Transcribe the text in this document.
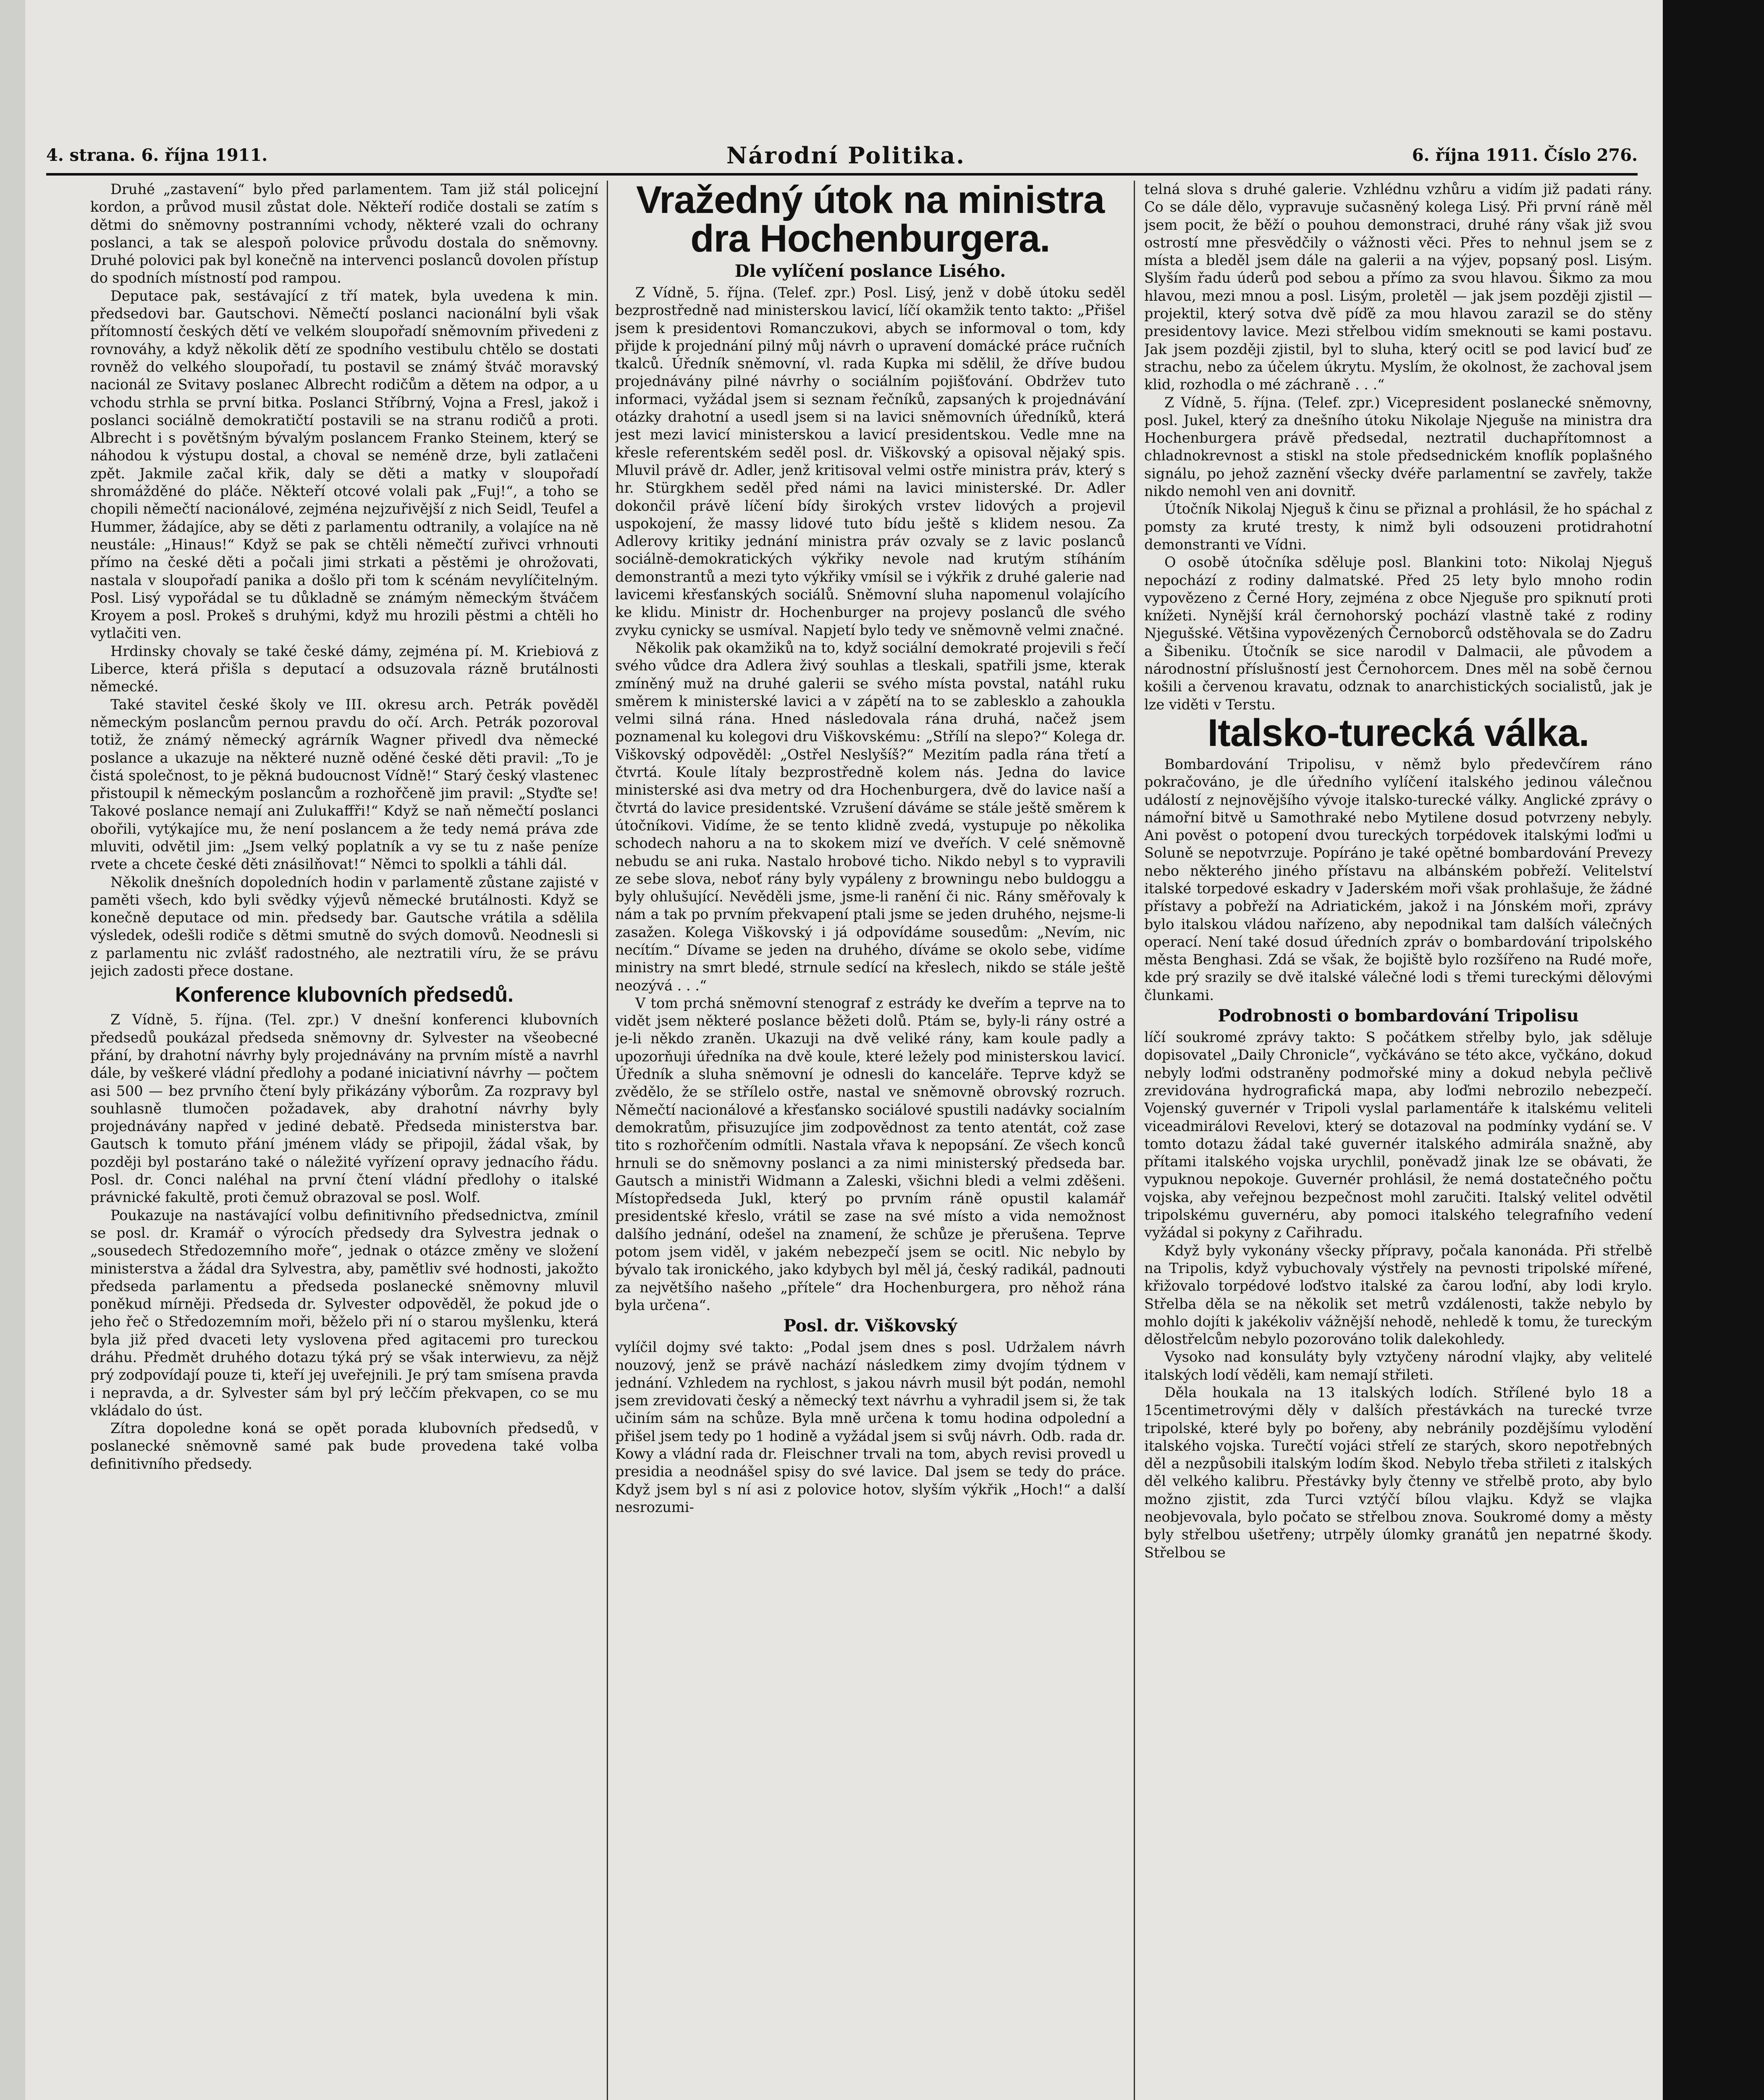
4. strana. 6. října 1911.	Národní Politika.	6. října 1911. Číslo 276.

Druhé „zastavení“ bylo před parlamentem. Tam již stál policejní kordon, a průvod musil zůstat dole. Někteří rodiče dostali se zatím s dětmi do sněmovny postranními vchody, některé vzali do ochrany poslanci, a tak se alespoň polovice průvodu dostala do sněmovny. Druhé polovici pak byl konečně na intervenci poslanců dovolen přístup do spodních místností pod rampou.

Deputace pak, sestávající z tří matek, byla uvedena k min. předsedovi bar. Gautschovi. Němečtí poslanci nacionální byli však přítomností českých dětí ve velkém sloupořadí sněmovním přivedeni z rovnováhy, a když několik dětí ze spodního vestibulu chtělo se dostati rovněž do velkého sloupořadí, tu postavil se známý štváč moravský nacionál ze Svitavy poslanec Albrecht rodičům a dětem na odpor, a u vchodu strhla se první bitka. Poslanci Stříbrný, Vojna a Fresl, jakož i poslanci sociálně demokratičtí postavili se na stranu rodičů a proti. Albrecht i s povětšným bývalým poslancem Franko Steinem, který se náhodou k výstupu dostal, a choval se neméně drze, byli zatlačeni zpět. Jakmile začal křik, daly se děti a matky v sloupořadí shromážděné do pláče. Někteří otcové volali pak „Fuj!“, a toho se chopili němečtí nacionálové, zejména nejzuřivější z nich Seidl, Teufel a Hummer, žádajíce, aby se děti z parlamentu odtranily, a volajíce na ně neustále: „Hinaus!“ Když se pak se chtěli němečtí zuřivci vrhnouti přímo na české děti a počali jimi strkati a pěstěmi je ohrožovati, nastala v sloupořadí panika a došlo při tom k scénám nevylíčitelným. Posl. Lisý vypořádal se tu důkladně se známým německým štváčem Kroyem a posl. Prokeš s druhými, když mu hrozili pěstmi a chtěli ho vytlačiti ven.

Hrdinsky chovaly se také české dámy, zejména pí. M. Kriebiová z Liberce, která přišla s deputací a odsuzovala rázně brutálnosti německé.

Také stavitel české školy ve III. okresu arch. Petrák pověděl německým poslancům pernou pravdu do očí. Arch. Petrák pozoroval totiž, že známý německý agrárník Wagner přivedl dva německé poslance a ukazuje na některé nuzně oděné české děti pravil: „To je čistá společnost, to je pěkná budoucnost Vídně!“ Starý český vlastenec přistoupil k německým poslancům a rozhořčeně jim pravil: „Styďte se! Takové poslance nemají ani Zulukaffři!“ Když se naň němečtí poslanci obořili, vytýkajíce mu, že není poslancem a že tedy nemá práva zde mluviti, odvětil jim: „Jsem velký poplatník a vy se tu z naše peníze rvete a chcete české děti znásilňovat!“ Němci to spolkli a táhli dál.

Několik dnešních dopoledních hodin v parlamentě zůstane zajisté v paměti všech, kdo byli svědky výjevů německé brutálnosti. Když se konečně deputace od min. předsedy bar. Gautsche vrátila a sdělila výsledek, odešli rodiče s dětmi smutně do svých domovů. Neodnesli si z parlamentu nic zvlášť radostného, ale neztratili víru, že se právu jejich zadosti přece dostane.

Konference klubovních předsedů.

Z Vídně, 5. října. (Tel. zpr.) V dnešní konferenci klubovních předsedů poukázal předseda sněmovny dr. Sylvester na všeobecné přání, by drahotní návrhy byly projednávány na prvním místě a navrhl dále, by veškeré vládní předlohy a podané iniciativní návrhy — počtem asi 500 — bez prvního čtení byly přikázány výborům. Za rozpravy byl souhlasně tlumočen požadavek, aby drahotní návrhy byly projednávány napřed v jediné debatě. Předseda ministerstva bar. Gautsch k tomuto přání jménem vlády se připojil, žádal však, by později byl postaráno také o náležité vyřízení opravy jednacího řádu. Posl. dr. Conci naléhal na první čtení vládní předlohy o italské právnické fakultě, proti čemuž obrazoval se posl. Wolf.

Poukazuje na nastávající volbu definitivního předsednictva, zmínil se posl. dr. Kramář o výrocích předsedy dra Sylvestra jednak o „sousedech Středozemního moře“, jednak o otázce změny ve složení ministerstva a žádal dra Sylvestra, aby, pamětliv své hodnosti, jakožto předseda parlamentu a předseda poslanecké sněmovny mluvil poněkud mírněji. Předseda dr. Sylvester odpověděl, že pokud jde o jeho řeč o Středozemním moři, běželo při ní o starou myšlenku, která byla již před dvaceti lety vyslovena před agitacemi pro tureckou dráhu. Předmět druhého dotazu týká prý se však interwievu, za nějž prý zodpovídají pouze ti, kteří jej uveřejnili. Je prý tam smísena pravda i nepravda, a dr. Sylvester sám byl prý leččím překvapen, co se mu vkládalo do úst.

Zítra dopoledne koná se opět porada klubovních předsedů, v poslanecké sněmovně samé pak bude provedena také volba definitivního předsedy.

Vražedný útok na ministra dra Hochenburgera.
Dle vylíčení poslance Lisého.

Z Vídně, 5. října. (Telef. zpr.) Posl. Lisý, jenž v době útoku seděl bezprostředně nad ministerskou lavicí, líčí okamžik tento takto: „Přišel jsem k presidentovi Romanczukovi, abych se informoval o tom, kdy přijde k projednání pilný můj návrh o upravení domácké práce ručních tkalců. Úředník sněmovní, vl. rada Kupka mi sdělil, že dříve budou projednávány pilné návrhy o sociálním pojišťování. Obdržev tuto informaci, vyžádal jsem si seznam řečníků, zapsaných k projednávání otázky drahotní a usedl jsem si na lavici sněmovních úředníků, která jest mezi lavicí ministerskou a lavicí presidentskou. Vedle mne na křesle referentském seděl posl. dr. Viškovský a opisoval nějaký spis. Mluvil právě dr. Adler, jenž kritisoval velmi ostře ministra práv, který s hr. Stürgkhem seděl před námi na lavici ministerské. Dr. Adler dokončil právě líčení bídy širokých vrstev lidových a projevil uspokojení, že massy lidové tuto bídu ještě s klidem nesou. Za Adlerovy kritiky jednání ministra práv ozvaly se z lavic poslanců sociálně-demokratických výkřiky nevole nad krutým stíháním demonstrantů a mezi tyto výkřiky vmísil se i výkřik z druhé galerie nad lavicemi křesťanských sociálů. Sněmovní sluha napomenul volajícího ke klidu. Ministr dr. Hochenburger na projevy poslanců dle svého zvyku cynicky se usmíval. Napjetí bylo tedy ve sněmovně velmi značné.

Několik pak okamžiků na to, když sociální demokraté projevili s řečí svého vůdce dra Adlera živý souhlas a tleskali, spatřili jsme, kterak zmíněný muž na druhé galerii se svého místa povstal, natáhl ruku směrem k ministerské lavici a v zápětí na to se zablesklo a zahoukla velmi silná rána. Hned následovala rána druhá, načež jsem poznamenal ku kolegovi dru Viškovskému: „Střílí na slepo?“ Kolega dr. Viškovský odpověděl: „Ostřel Neslyšíš?“ Mezitím padla rána třetí a čtvrtá. Koule lítaly bezprostředně kolem nás. Jedna do lavice ministerské asi dva metry od dra Hochenburgera, dvě do lavice naší a čtvrtá do lavice presidentské. Vzrušení dáváme se stále ještě směrem k útočníkovi. Vidíme, že se tento klidně zvedá, vystupuje po několika schodech nahoru a na to skokem mizí ve dveřích. V celé sněmovně nebudu se ani ruka. Nastalo hrobové ticho. Nikdo nebyl s to vypravili ze sebe slova, neboť rány byly vypáleny z browningu nebo buldoggu a byly ohlušující. Nevěděli jsme, jsme-li ranění či nic. Rány směřovaly k nám a tak po prvním překvapení ptali jsme se jeden druhého, nejsme-li zasažen. Kolega Viškovský i já odpovídáme sousedům: „Nevím, nic necítím.“ Dívame se jeden na druhého, díváme se okolo sebe, vidíme ministry na smrt bledé, strnule sedící na křeslech, nikdo se stále ještě neozývá . . .“

V tom prchá sněmovní stenograf z estrády ke dveřím a teprve na to vidět jsem některé poslance běžeti dolů. Ptám se, byly-li rány ostré a je-li někdo zraněn. Ukazuji na dvě veliké rány, kam koule padly a upozorňuji úředníka na dvě koule, které ležely pod ministerskou lavicí. Úředník a sluha sněmovní je odnesli do kanceláře. Teprve když se zvědělo, že se střílelo ostře, nastal ve sněmovně obrovský rozruch. Němečtí nacionálové a křesťansko sociálové spustili nadávky socialním demokratům, přisuzujíce jim zodpovědnost za tento atentát, což zase tito s rozhořčením odmítli. Nastala vřava k nepopsání. Ze všech konců hrnuli se do sněmovny poslanci a za nimi ministerský předseda bar. Gautsch a ministři Widmann a Zaleski, všichni bledi a velmi zděšeni. Místopředseda Jukl, který po prvním ráně opustil kalamář presidentské křeslo, vrátil se zase na své místo a vida nemožnost dalšího jednání, odešel na znamení, že schůze je přerušena. Teprve potom jsem viděl, v jakém nebezpečí jsem se ocitl. Nic nebylo by bývalo tak ironického, jako kdybych byl měl já, český radikál, padnouti za největšího našeho „přítele“ dra Hochenburgera, pro něhož rána byla určena“.

Posl. dr. Viškovský

vylíčil dojmy své takto: „Podal jsem dnes s posl. Udržalem návrh nouzový, jenž se právě nachází následkem zimy dvojím týdnem v jednání. Vzhledem na rychlost, s jakou návrh musil být podán, nemohl jsem zrevidovati český a německý text návrhu a vyhradil jsem si, že tak učiním sám na schůze. Byla mně určena k tomu hodina odpolední a přišel jsem tedy po 1 hodině a vyžádal jsem si svůj návrh. Odb. rada dr. Kowy a vládní rada dr. Fleischner trvali na tom, abych revisi provedl u presidia a neodnášel spisy do své lavice. Dal jsem se tedy do práce. Když jsem byl s ní asi z polovice hotov, slyším výkřik „Hoch!“ a další nesrozumi-

telná slova s druhé galerie. Vzhlédnu vzhůru a vidím již padati rány. Co se dále dělo, vypravuje sučasněný kolega Lisý. Při první ráně měl jsem pocit, že běží o pouhou demonstraci, druhé rány však již svou ostrostí mne přesvědčily o vážnosti věci. Přes to nehnul jsem se z místa a bleděl jsem dále na galerii a na výjev, popsaný posl. Lisým. Slyším řadu úderů pod sebou a přímo za svou hlavou. Šikmo za mou hlavou, mezi mnou a posl. Lisým, proletěl — jak jsem později zjistil — projektil, který sotva dvě píďě za mou hlavou zarazil se do stěny presidentovy lavice. Mezi střelbou vidím smeknouti se kami postavu. Jak jsem později zjistil, byl to sluha, který ocitl se pod lavicí buď ze strachu, nebo za účelem úkrytu. Myslím, že okolnost, že zachoval jsem klid, rozhodla o mé záchraně . . .“

Z Vídně, 5. října. (Telef. zpr.) Vicepresident poslanecké sněmovny, posl. Jukel, který za dnešního útoku Nikolaje Njeguše na ministra dra Hochenburgera právě předsedal, neztratil duchapřítomnost a chladnokrevnost a stiskl na stole předsednickém knoflík poplašného signálu, po jehož zaznění všecky dvéře parlamentní se zavřely, takže nikdo nemohl ven ani dovnitř.

Útočník Nikolaj Njeguš k činu se přiznal a prohlásil, že ho spáchal z pomsty za kruté tresty, k nimž byli odsouzeni protidrahotní demonstranti ve Vídni.

O osobě útočníka sděluje posl. Blankini toto: Nikolaj Njeguš nepochází z rodiny dalmatské. Před 25 lety bylo mnoho rodin vypovězeno z Černé Hory, zejména z obce Njeguše pro spiknutí proti knížeti. Nynější král černohorský pochází vlastně také z rodiny Njegušské. Většina vypovězených Černoborců odstěhovala se do Zadru a Šibeniku. Útočník se sice narodil v Dalmacii, ale původem a národnostní příslušností jest Černohorcem. Dnes měl na sobě černou košili a červenou kravatu, odznak to anarchistických socialistů, jak je lze viděti v Terstu.

Italsko-turecká válka.

Bombardování Tripolisu, v němž bylo předevčírem ráno pokračováno, je dle úředního vylíčení italského jedinou válečnou událostí z nejnovějšího vývoje italsko-turecké války. Anglické zprávy o námořní bitvě u Samothraké nebo Mytilene dosud potvrzeny nebyly. Ani pověst o potopení dvou tureckých torpédovek italskými loďmi u Soluně se nepotvrzuje. Popíráno je také opětné bombardování Prevezy nebo některého jiného přístavu na albánském pobřeží. Velitelství italské torpedové eskadry v Jaderském moři však prohlašuje, že žádné přístavy a pobřeží na Adriatickém, jakož i na Jónském moři, zprávy bylo italskou vládou nařízeno, aby nepodnikal tam dalších válečných operací. Není také dosud úředních zpráv o bombardování tripolského města Benghasi. Zdá se však, že bojiště bylo rozšířeno na Rudé moře, kde prý srazily se dvě italské válečné lodi s třemi tureckými dělovými člunkami.

Podrobnosti o bombardování Tripolisu

líčí soukromé zprávy takto: S počátkem střelby bylo, jak sděluje dopisovatel „Daily Chronicle“, vyčkáváno se této akce, vyčkáno, dokud nebyly loďmi odstraněny podmořské miny a dokud nebyla pečlivě zrevidována hydrografická mapa, aby loďmi nebrozilo nebezpečí. Vojenský guvernér v Tripoli vyslal parlamentáře k italskému veliteli viceadmirálovi Revelovi, který se dotazoval na podmínky vydání se. V tomto dotazu žádal také guvernér italského admirála snažně, aby přítami italského vojska urychlil, poněvadž jinak lze se obávati, že vypuknou nepokoje. Guvernér prohlásil, že nemá dostatečného počtu vojska, aby veřejnou bezpečnost mohl zaručiti. Italský velitel odvětil tripolskému guvernéru, aby pomoci italského telegrafního vedení vyžádal si pokyny z Cařihradu.

Když byly vykonány všecky přípravy, počala kanonáda. Při střelbě na Tripolis, když vybuchovaly výstřely na pevnosti tripolské mířené, křižovalo torpédové loďstvo italské za čarou loďní, aby lodi krylo. Střelba děla se na několik set metrů vzdálenosti, takže nebylo by mohlo dojíti k jakékoliv vážnější nehodě, nehledě k tomu, že tureckým dělostřelcům nebylo pozorováno tolik dalekohledy.

Vysoko nad konsuláty byly vztyčeny národní vlajky, aby velitelé italských lodí věděli, kam nemají střileti.

Děla houkala na 13 italských lodích. Střílené bylo 18 a 15centimetrovými děly v dalších přestávkách na turecké tvrze tripolské, které byly po bořeny, aby nebránily pozdějšímu vylodění italského vojska. Turečtí vojáci střelí ze starých, skoro nepotřebných děl a nezpůsobili italským lodím škod. Nebylo třeba střileti z italských děl velkého kalibru. Přestávky byly čtenny ve střelbě proto, aby bylo možno zjistit, zda Turci vztýčí bílou vlajku. Když se vlajka neobjevovala, bylo počato se střelbou znova. Soukromé domy a městy byly střelbou ušetřeny; utrpěly úlomky granátů jen nepatrné škody. Střelbou se
